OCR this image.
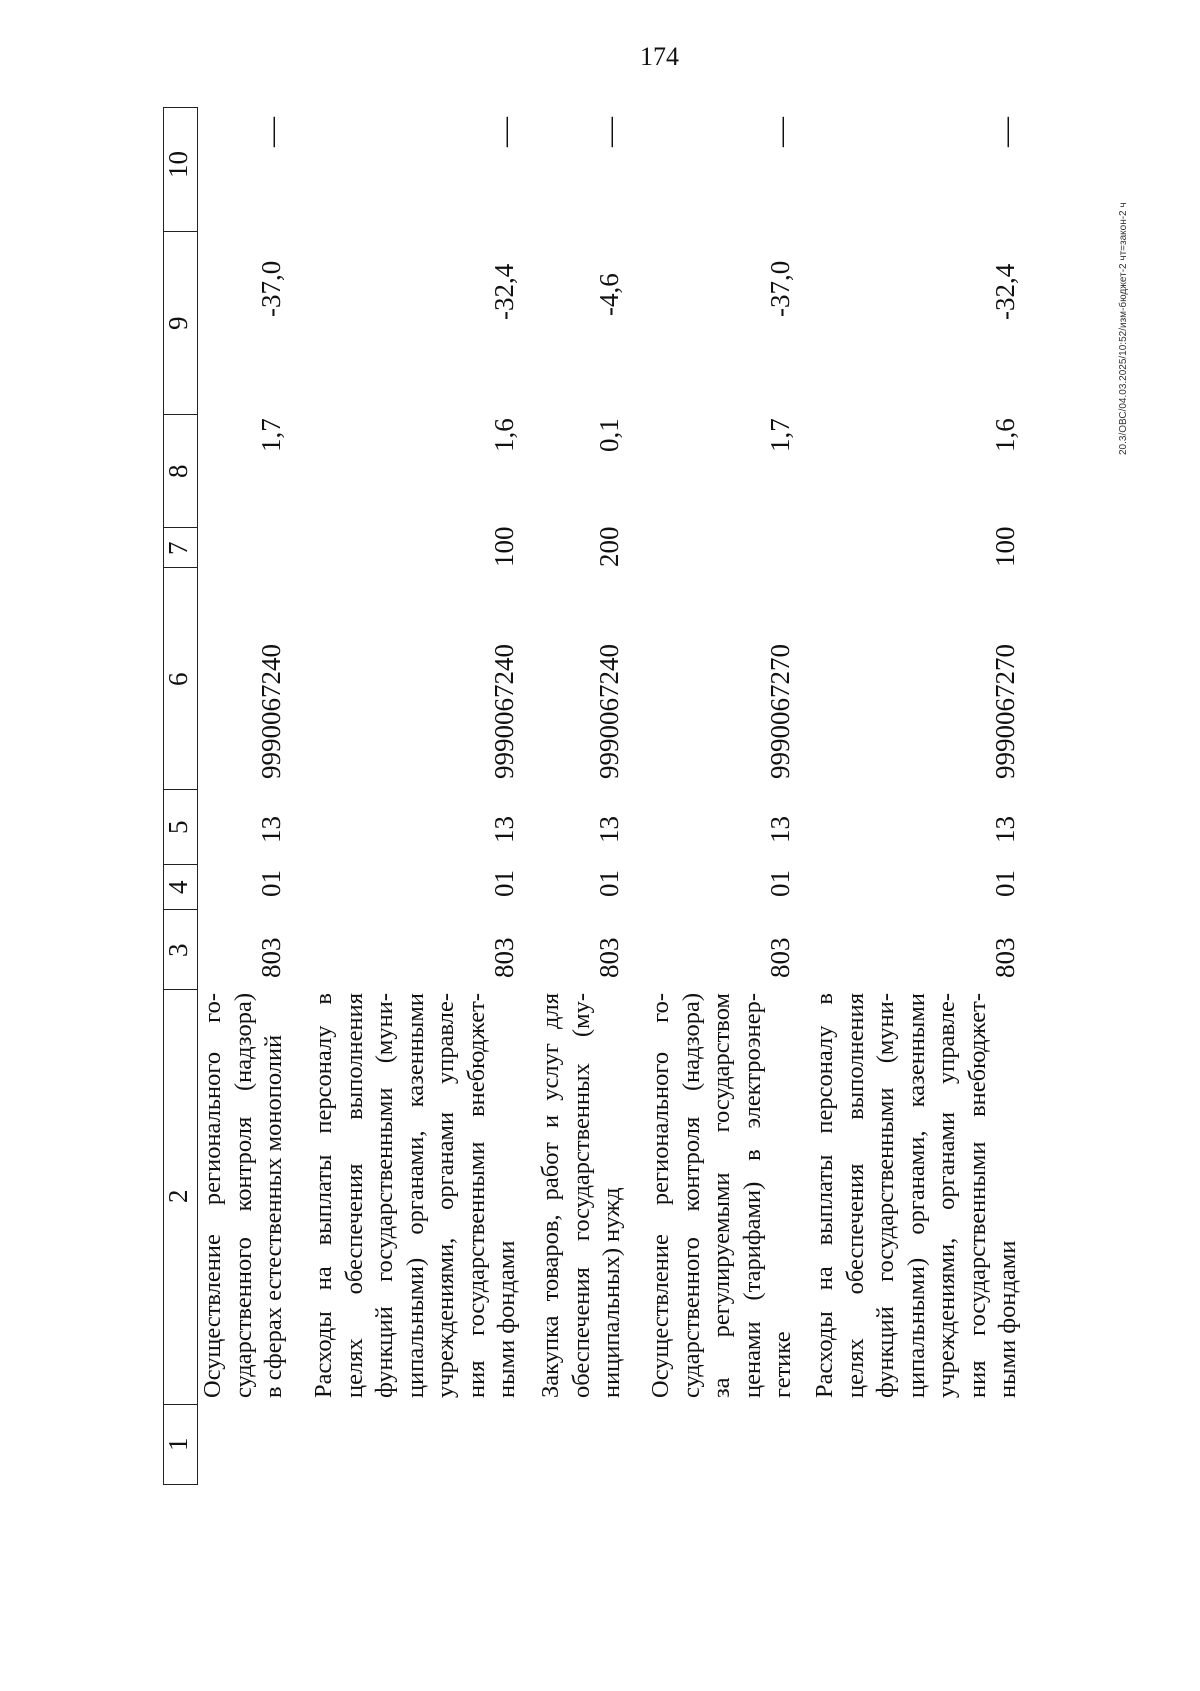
174
1
2
3
4
5
6
7
8
9
10
Осуществление регионального го- сударственного контроля (надзора) в сферах естественных монополий
803
01
13
9990067240
1,7
-37,0
—
Расходы на выплаты персоналу в целях обеспечения выполнения функций государственными (муни- ципальными) органами, казенными учреждениями, органами управле- ния государственными внебюджет- ными фондами
803
01
13
9990067240
100
1,6
-32,4
—
Закупка товаров, работ и услуг для обеспечения государственных (му- ниципальных) нужд
803
01
13
9990067240
200
0,1
-4,6
—
Осуществление регионального го- сударственного контроля (надзора) за регулируемыми государством ценами (тарифами) в электроэнер- гетике
803
01
13
9990067270
1,7
-37,0
—
Расходы на выплаты персоналу в целях обеспечения выполнения функций государственными (муни- ципальными) органами, казенными учреждениями, органами управле- ния государственными внебюджет- ными фондами
803
01
13
9990067270
100
1,6
-32,4
—
20.3/ОВС/04.03.2025/10:52/изм-бюджет-2 чт=закон-2 ч
